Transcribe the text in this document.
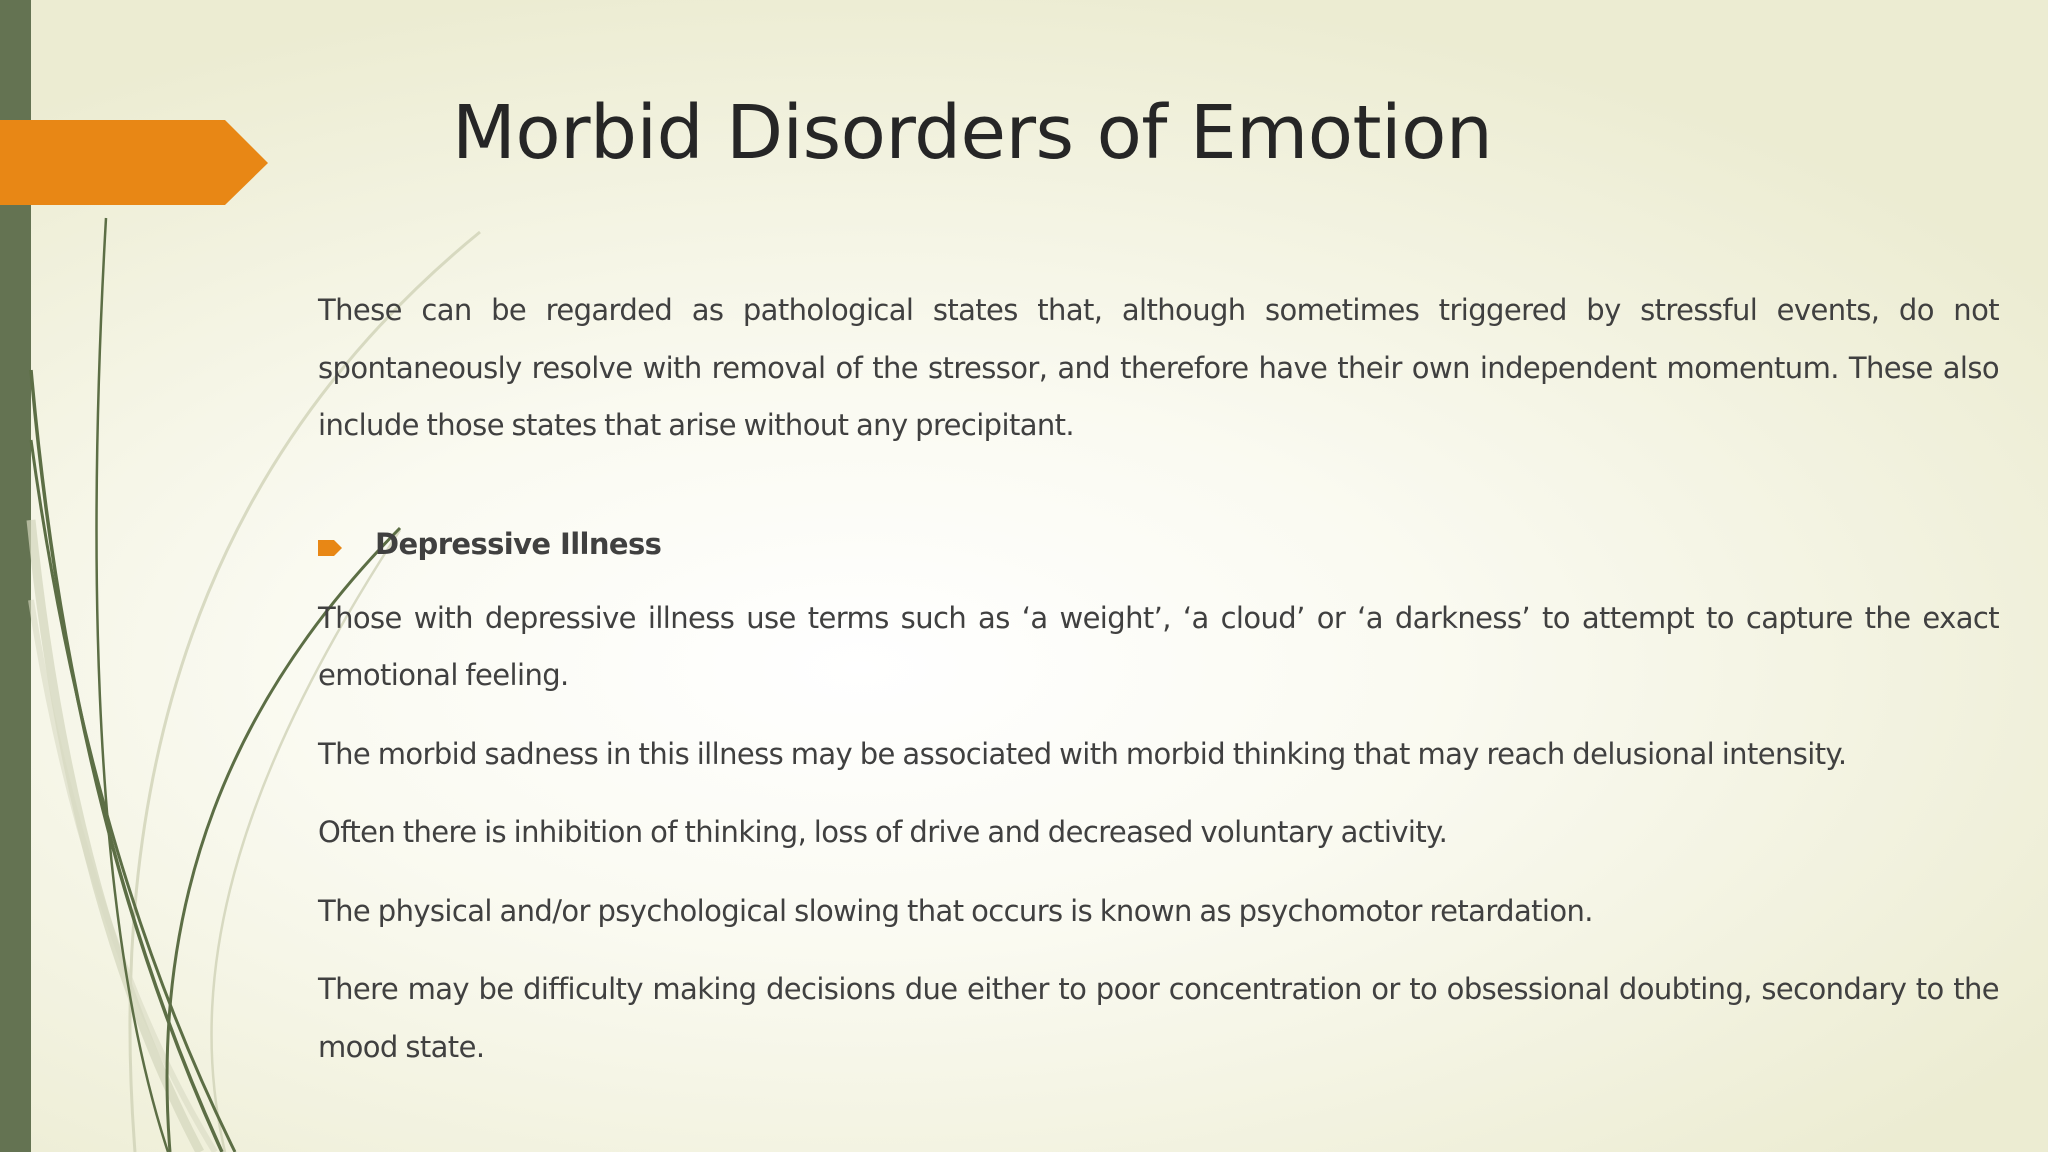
Morbid Disorders of Emotion

These can be regarded as pathological states that, although sometimes triggered by stressful events, do not spontaneously resolve with removal of the stressor, and therefore have their own independent momentum. These also include those states that arise without any precipitant.

Depressive Illness

Those with depressive illness use terms such as ‘a weight’, ‘a cloud’ or ‘a darkness’ to attempt to capture the exact emotional feeling.

The morbid sadness in this illness may be associated with morbid thinking that may reach delusional intensity.

Often there is inhibition of thinking, loss of drive and decreased voluntary activity.

The physical and/or psychological slowing that occurs is known as psychomotor retardation.

There may be difficulty making decisions due either to poor concentration or to obsessional doubting, secondary to the mood state.
